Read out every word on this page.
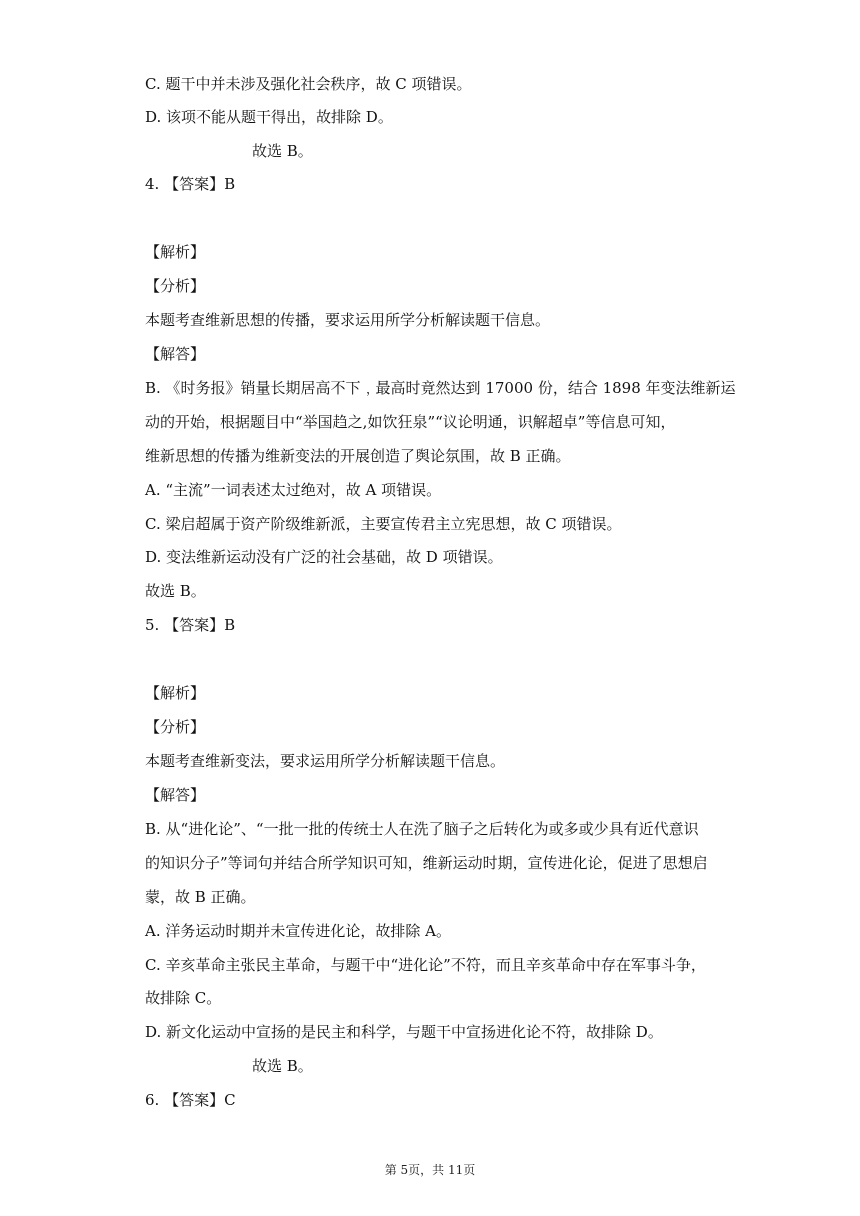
C. 题干中并未涉及强化社会秩序，故 C 项错误。
D. 该项不能从题干得出，故排除 D。
故选 B。
4. 【答案】B
【解析】
【分析】
本题考查维新思想的传播，要求运用所学分析解读题干信息。
【解答】
B. 《时务报》销量长期居高不下﹐最高时竟然达到 17000 份，结合 1898 年变法维新运
动的开始，根据题目中“举国趋之,如饮狂泉”“议论明通，识解超卓”等信息可知，
维新思想的传播为维新变法的开展创造了舆论氛围，故 B 正确。
A. “主流”一词表述太过绝对，故 A 项错误。
C. 梁启超属于资产阶级维新派，主要宣传君主立宪思想，故 C 项错误。
D. 变法维新运动没有广泛的社会基础，故 D 项错误。
故选 B。
5. 【答案】B
【解析】
【分析】
本题考查维新变法，要求运用所学分析解读题干信息。
【解答】
B. 从“进化论”、“一批一批的传统士人在洗了脑子之后转化为或多或少具有近代意识
的知识分子”等词句并结合所学知识可知，维新运动时期，宣传进化论，促进了思想启
蒙，故 B 正确。
A. 洋务运动时期并未宣传进化论，故排除 A。
C. 辛亥革命主张民主革命，与题干中“进化论”不符，而且辛亥革命中存在军事斗争，
故排除 C。
D. 新文化运动中宣扬的是民主和科学，与题干中宣扬进化论不符，故排除 D。
故选 B。
6. 【答案】C
第 5页，共 11页
